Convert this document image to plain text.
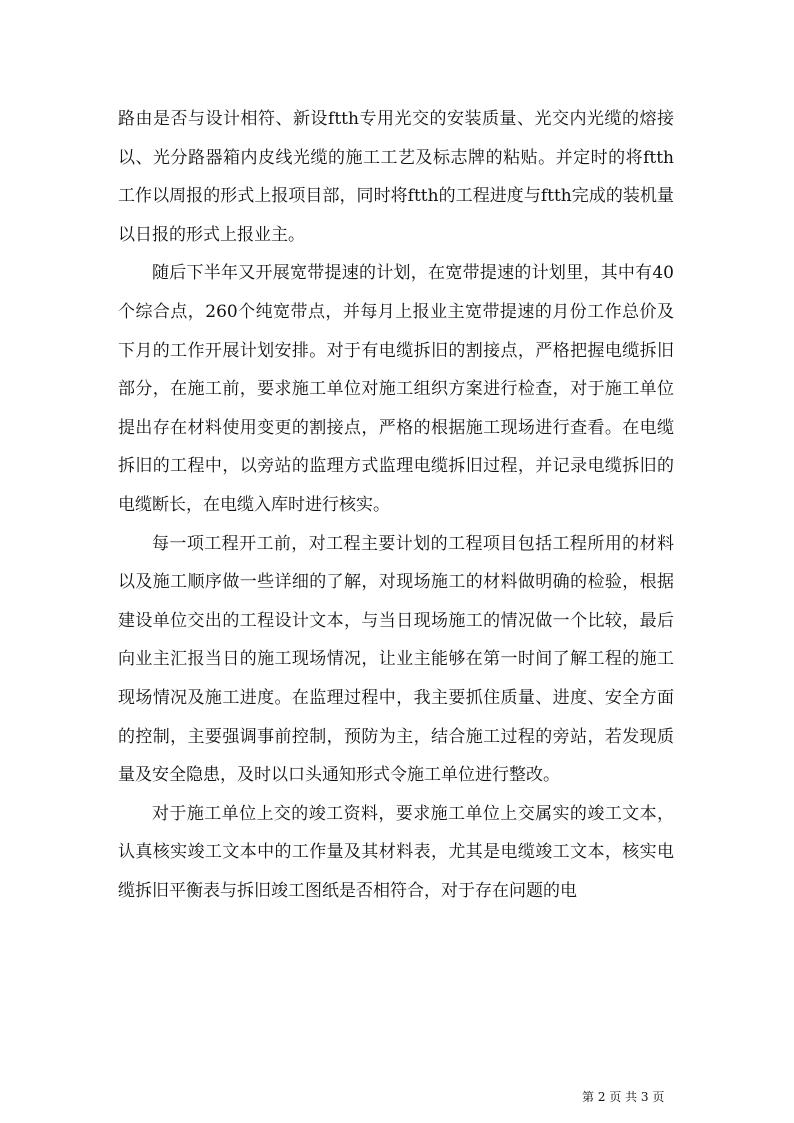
路由是否与设计相符、新设ftth专用光交的安装质量、光交内光缆的熔接以、光分路器箱内皮线光缆的施工工艺及标志牌的粘贴。并定时的将ftth工作以周报的形式上报项目部，同时将ftth的工程进度与ftth完成的装机量以日报的形式上报业主。

随后下半年又开展宽带提速的计划，在宽带提速的计划里，其中有40个综合点，260个纯宽带点，并每月上报业主宽带提速的月份工作总价及下月的工作开展计划安排。对于有电缆拆旧的割接点，严格把握电缆拆旧部分，在施工前，要求施工单位对施工组织方案进行检查，对于施工单位提出存在材料使用变更的割接点，严格的根据施工现场进行查看。在电缆拆旧的工程中，以旁站的监理方式监理电缆拆旧过程，并记录电缆拆旧的电缆断长，在电缆入库时进行核实。

每一项工程开工前，对工程主要计划的工程项目包括工程所用的材料以及施工顺序做一些详细的了解，对现场施工的材料做明确的检验，根据建设单位交出的工程设计文本，与当日现场施工的情况做一个比较，最后向业主汇报当日的施工现场情况，让业主能够在第一时间了解工程的施工现场情况及施工进度。在监理过程中，我主要抓住质量、进度、安全方面的控制，主要强调事前控制，预防为主，结合施工过程的旁站，若发现质量及安全隐患，及时以口头通知形式令施工单位进行整改。

对于施工单位上交的竣工资料，要求施工单位上交属实的竣工文本，认真核实竣工文本中的工作量及其材料表，尤其是电缆竣工文本，核实电缆拆旧平衡表与拆旧竣工图纸是否相符合，对于存在问题的电

第 2 页 共 3 页
